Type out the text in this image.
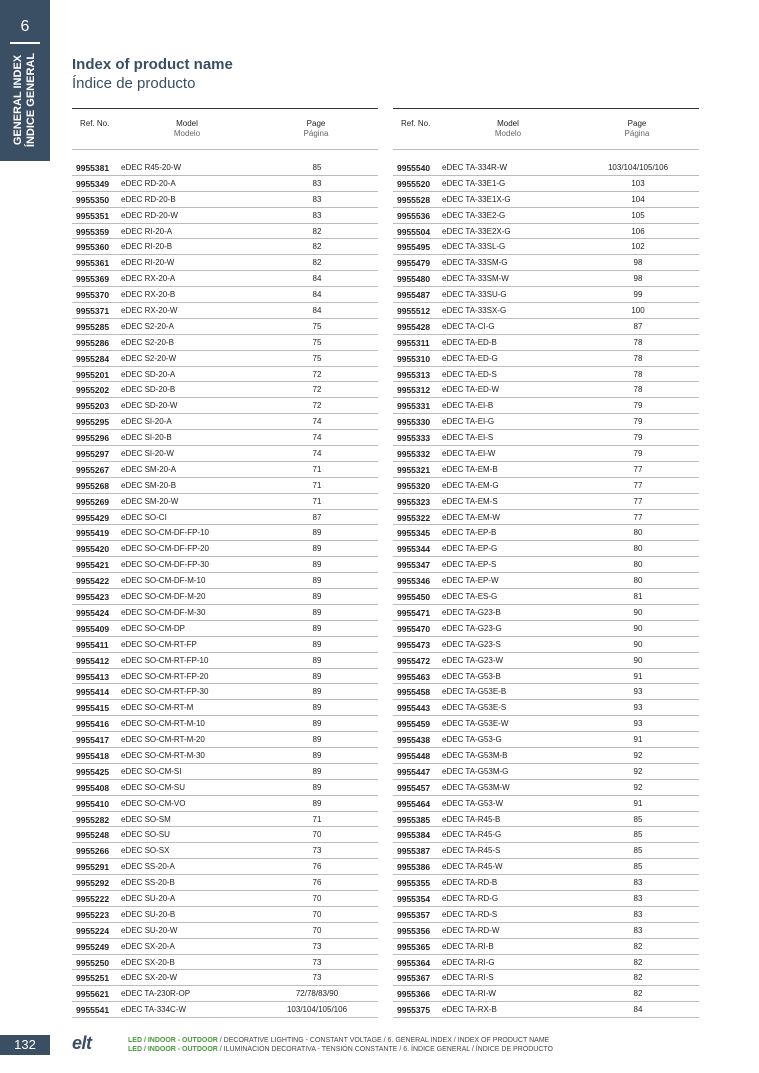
6
GENERAL INDEX ÍNDICE GENERAL Index of product name
Índice de producto
Ref. No.	Model
Modelo
Page
Página
9955381 eDEC R45-20-W	85
9955349 eDEC RD-20-A	83
9955350 eDEC RD-20-B	83
9955351 eDEC RD-20-W	83
9955359 eDEC RI-20-A	82
9955360 eDEC RI-20-B	82
9955361 eDEC RI-20-W	82
9955369 eDEC RX-20-A	84
9955370 eDEC RX-20-B	84
9955371 eDEC RX-20-W	84
9955285 eDEC S2-20-A	75
9955286 eDEC S2-20-B	75
9955284 eDEC S2-20-W	75
9955201 eDEC SD-20-A	72
9955202 eDEC SD-20-B	72
9955203 eDEC SD-20-W	72
9955295 eDEC SI-20-A	74
9955296 eDEC SI-20-B	74
9955297 eDEC SI-20-W	74
9955267 eDEC SM-20-A	71
9955268 eDEC SM-20-B	71
9955269 eDEC SM-20-W	71
9955429 eDEC SO-CI	87
9955419 eDEC SO-CM-DF-FP-10	89
9955420 eDEC SO-CM-DF-FP-20	89
9955421 eDEC SO-CM-DF-FP-30	89
9955422 eDEC SO-CM-DF-M-10	89
9955423 eDEC SO-CM-DF-M-20	89
9955424 eDEC SO-CM-DF-M-30	89
9955409 eDEC SO-CM-DP	89
9955411 eDEC SO-CM-RT-FP	89
9955412 eDEC SO-CM-RT-FP-10	89
9955413 eDEC SO-CM-RT-FP-20	89
9955414 eDEC SO-CM-RT-FP-30	89
9955415 eDEC SO-CM-RT-M	89
9955416 eDEC SO-CM-RT-M-10	89
9955417 eDEC SO-CM-RT-M-20	89
9955418 eDEC SO-CM-RT-M-30	89
9955425 eDEC SO-CM-SI	89
9955408 eDEC SO-CM-SU	89
9955410 eDEC SO-CM-VO	89
9955282 eDEC SO-SM	71
9955248 eDEC SO-SU	70
9955266 eDEC SO-SX	73
9955291 eDEC SS-20-A	76
9955292 eDEC SS-20-B	76
9955222 eDEC SU-20-A	70
9955223 eDEC SU-20-B	70
9955224 eDEC SU-20-W	70
9955249 eDEC SX-20-A	73
9955250 eDEC SX-20-B	73
9955251 eDEC SX-20-W	73
9955621 eDEC TA-230R-OP	72/78/83/90
9955541 eDEC TA-334C-W	103/104/105/106
Ref. No.	Model
Modelo
Page
Página
9955540 eDEC TA-334R-W	103/104/105/106
9955520 eDEC TA-33E1-G	103
9955528 eDEC TA-33E1X-G	104
9955536 eDEC TA-33E2-G	105
9955504 eDEC TA-33E2X-G	106
9955495 eDEC TA-33SL-G	102
9955479 eDEC TA-33SM-G	98
9955480 eDEC TA-33SM-W	98
9955487 eDEC TA-33SU-G	99
9955512 eDEC TA-33SX-G	100
9955428 eDEC TA-CI-G	87
9955311 eDEC TA-ED-B	78
9955310 eDEC TA-ED-G	78
9955313 eDEC TA-ED-S	78
9955312 eDEC TA-ED-W	78
9955331 eDEC TA-EI-B	79
9955330 eDEC TA-EI-G	79
9955333 eDEC TA-EI-S	79
9955332 eDEC TA-EI-W	79
9955321 eDEC TA-EM-B	77
9955320 eDEC TA-EM-G	77
9955323 eDEC TA-EM-S	77
9955322 eDEC TA-EM-W	77
9955345 eDEC TA-EP-B	80
9955344 eDEC TA-EP-G	80
9955347 eDEC TA-EP-S	80
9955346 eDEC TA-EP-W	80
9955450 eDEC TA-ES-G	81
9955471 eDEC TA-G23-B	90
9955470 eDEC TA-G23-G	90
9955473 eDEC TA-G23-S	90
9955472 eDEC TA-G23-W	90
9955463 eDEC TA-G53-B	91
9955458 eDEC TA-G53E-B	93
9955443 eDEC TA-G53E-S	93
9955459 eDEC TA-G53E-W	93
9955438 eDEC TA-G53-G	91
9955448 eDEC TA-G53M-B	92
9955447 eDEC TA-G53M-G	92
9955457 eDEC TA-G53M-W	92
9955464 eDEC TA-G53-W	91
9955385 eDEC TA-R45-B	85
9955384 eDEC TA-R45-G	85
9955387 eDEC TA-R45-S	85
9955386 eDEC TA-R45-W	85
9955355 eDEC TA-RD-B	83
9955354 eDEC TA-RD-G	83
9955357 eDEC TA-RD-S	83
9955356 eDEC TA-RD-W	83
9955365 eDEC TA-RI-B	82
9955364 eDEC TA-RI-G	82
9955367 eDEC TA-RI-S	82
9955366 eDEC TA-RI-W	82
9955375 eDEC TA-RX-B	84
132	elt	LED / INDOOR - OUTDOOR / DECORATIVE LIGHTING - CONSTANT VOLTAGE / 6. GENERAL INDEX / INDEX OF PRODUCT NAME
LED / INDOOR - OUTDOOR / ILUMINACIÓN DECORATIVA - TENSIÓN CONSTANTE / 6. ÍNDICE GENERAL / ÍNDICE DE PRODUCTO
